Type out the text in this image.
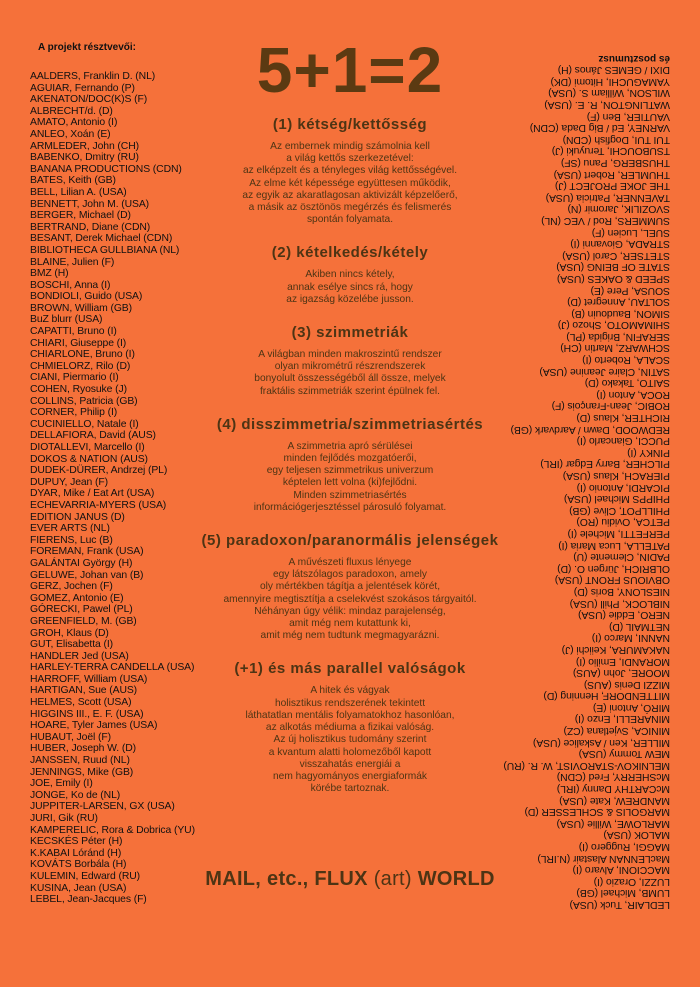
A projekt résztvevői:
AALDERS, Franklin D. (NL)
AGUIAR, Fernando (P)
AKENATON/DOC(K)S (F)
ALBRECHT/d. (D)
AMATO, Antonio (I)
ANLEO, Xoán (E)
ARMLEDER, John (CH)
BABENKO, Dmitry (RU)
BANANA PRODUCTIONS (CDN)
BATES, Keith (GB)
BELL, Lilian A. (USA)
BENNETT, John M. (USA)
BERGER, Michael (D)
BERTRAND, Diane (CDN)
BESANT, Derek Michael (CDN)
BIBLIOTHECA GULLBIANA (NL)
BLAINE, Julien (F)
BMZ (H)
BOSCHI, Anna (I)
BONDIOLI, Guido (USA)
BROWN, William (GB)
BuZ blurr (USA)
CAPATTI, Bruno (I)
CHIARI, Giuseppe (I)
CHIARLONE, Bruno (I)
CHMIELORZ, Rilo (D)
CIANI, Piermario (I)
COHEN, Ryosuke (J)
COLLINS, Patricia (GB)
CORNER, Philip (I)
CUCINIELLO, Natale (I)
DELLAFIORA, David (AUS)
DIOTALLEVI, Marcello (I)
DOKOS & NATION (AUS)
DUDEK-DÜRER, Andrzej (PL)
DUPUY, Jean (F)
DYAR, Mike / Eat Art (USA)
ECHEVARRIA-MYERS (USA)
EDITION JANUS (D)
EVER ARTS (NL)
FIERENS, Luc (B)
FOREMAN, Frank (USA)
GALÁNTAI György (H)
GELUWE, Johan van (B)
GERZ, Jochen (F)
GOMEZ, Antonio (E)
GÓRECKI, Pawel (PL)
GREENFIELD, M. (GB)
GROH, Klaus (D)
GUT, Elisabetta (I)
HANDLER Jed (USA)
HARLEY-TERRA CANDELLA (USA)
HARROFF, William (USA)
HARTIGAN, Sue (AUS)
HELMES, Scott (USA)
HIGGINS III., E. F. (USA)
HOARE, Tyler James (USA)
HUBAUT, Joël (F)
HUBER, Joseph W. (D)
JANSSEN, Ruud (NL)
JENNINGS, Mike (GB)
JOE, Emily (I)
JONGE, Ko de (NL)
JUPPITER-LARSEN, GX (USA)
JURI, Gik (RU)
KAMPERELIC, Rora & Dobrica (YU)
KECSKÉS Péter (H)
K.KABAI Lóránd (H)
KOVÁTS Borbála (H)
KULEMIN, Edward (RU)
KUSINA, Jean (USA)
LEBEL, Jean-Jacques (F)	LEDLAIR, Tuck (USA)
LUMB, Michael (GB)
LUZZI, Orazio (I)
MACCIONI, Alvaro (I)
MacLENNAN Alastair (N.IRL)
MAGGI, Ruggero (I)
MALOK (USA)
MARLOWE, Willie (USA)
MARGOLIS & SCHLESSER (D)
MANDREW, Kate (USA)
McCARTHY Danny (IRL)
McSHERRY, Fred (CDN)
MELNIKOV-STAROVIST, W. R. (RU)
MEW Tommy (USA)
MILLER, Ken / Askalice (USA)
MINICA, Svjetlana (CZ)
MINARELLI, Enzo (I)
MIRÓ, Antoni (E)
MITTENDORF, Henning (D)
MIZZI Denis (AUS)
MOORE, John (AUS)
MORANDI, Emilio (I)
NAKAMURA, Keiichi (J)
NANNI, Marco (I)
NETMAIL (D)
NERO, Eddie (USA)
NIBLOCK, Phill (USA)
NIESLONY, Boris (D)
OBVIOUS FRONT (USA)
OLBRICH, Jürgen O. (D)
PADIN, Clemente (U)
PATELLA, Luca Maria (I)
PERFETTI, Michele (I)
PETCA, Ovidiu (RO)
PHILLPOT, Clive (GB)
PHIPPS Michael (USA)
PICARDI, Antonio (I)
PIERACH, Klaus (USA)
PILCHER, Barry Edgar (IRL)
PINKY (I)
PUCCI, Giancarlo (I)
REDWOOD, Dawn / Aardvark (GB)
RICHTER, Klaus (D)
ROBIC, Jean-François (F)
ROCA, Anton (I)
SAITO, Takako (D)
SATIN, Claire Jeanine (USA)
SCALA, Roberto (I)
SCHWARZ, Martin (CH)
SERAFIN, Brigida (PL)
SHIMAMOTO, Shozo (J)
SIMON, Baudouin (B)
SOLTAU, Annegret (D)
SOUSA, Pere (E)
SPEED & OAKES (USA)
STATE OF BEING (USA)
STETSER, Carol (USA)
STRADA, Giovanni (I)
SUEL, Lucien (F)
SUMMERS, Rod / VEC (NL)
SVOZILIK, Jaromir (N)
TAVENNER, Patricia (USA)
THE JOKE PROJECT (J)
THUMLER, Robert (USA)
THUSBERG, Panu (SF)
TSUBOUCHI, Teruyuki (J)
TUI TUI, Dogfish (CDN)
VARNEY, Ed / Big Dada (CDN)
VAUTIER, Ben (F)
WATLINGTON, R. E. (USA)
WILSON, William S. (USA)
YAMAGUCHI, Hitomi (DK)
DIXI / GEMES János (H)
és posztumusz
5+1=2
(1) kétség/kettősség
Az embernek mindig számolnia kell
a világ kettős szerkezetével:
az elképzelt és a tényleges világ kettősségével.
Az elme két képessége együttesen működik,
az egyik az akaratlagosan aktivizált képzelőerő,
a másik az ösztönös megérzés és felismerés
spontán folyamata.
(2) kételkedés/kétely
Akiben nincs kétely,
annak esélye sincs rá, hogy
az igazság közelébe jusson.
(3) szimmetriák
A világban minden makroszintű rendszer
olyan mikrométrű részrendszerek
bonyolult összességéből áll össze, melyek
fraktális szimmetriák szerint épülnek fel.
(4) disszimmetria/szimmetriasértés
A szimmetria apró sérülései
minden fejlődés mozgatóerői,
egy teljesen szimmetrikus univerzum
képtelen lett volna (ki)fejlődni.
Minden szimmetriasértés
információgerjesztéssel párosuló folyamat.
(5) paradoxon/paranormális jelenségek
A művészeti fluxus lényege
egy látszólagos paradoxon, amely
oly mértékben tágítja a jelentések körét,
amennyire megtisztítja a cselekvést szokásos tárgyaitól.
Néhányan úgy vélik: mindaz parajelenség,
amit még nem kutattunk ki,
amit még nem tudtunk megmagyarázni.
(+1) és más parallel valóságok
A hitek és vágyak
holisztikus rendszerének tekintett
láthatatlan mentális folyamatokhoz hasonlóan,
az alkotás médiuma a fizikai valóság.
Az új holisztikus tudomány szerint
a kvantum alatti holomezőből kapott
visszahatás energiái a
nem hagyományos energiaformák
körébe tartoznak.
MAIL, etc., FLUX (art) WORLD
